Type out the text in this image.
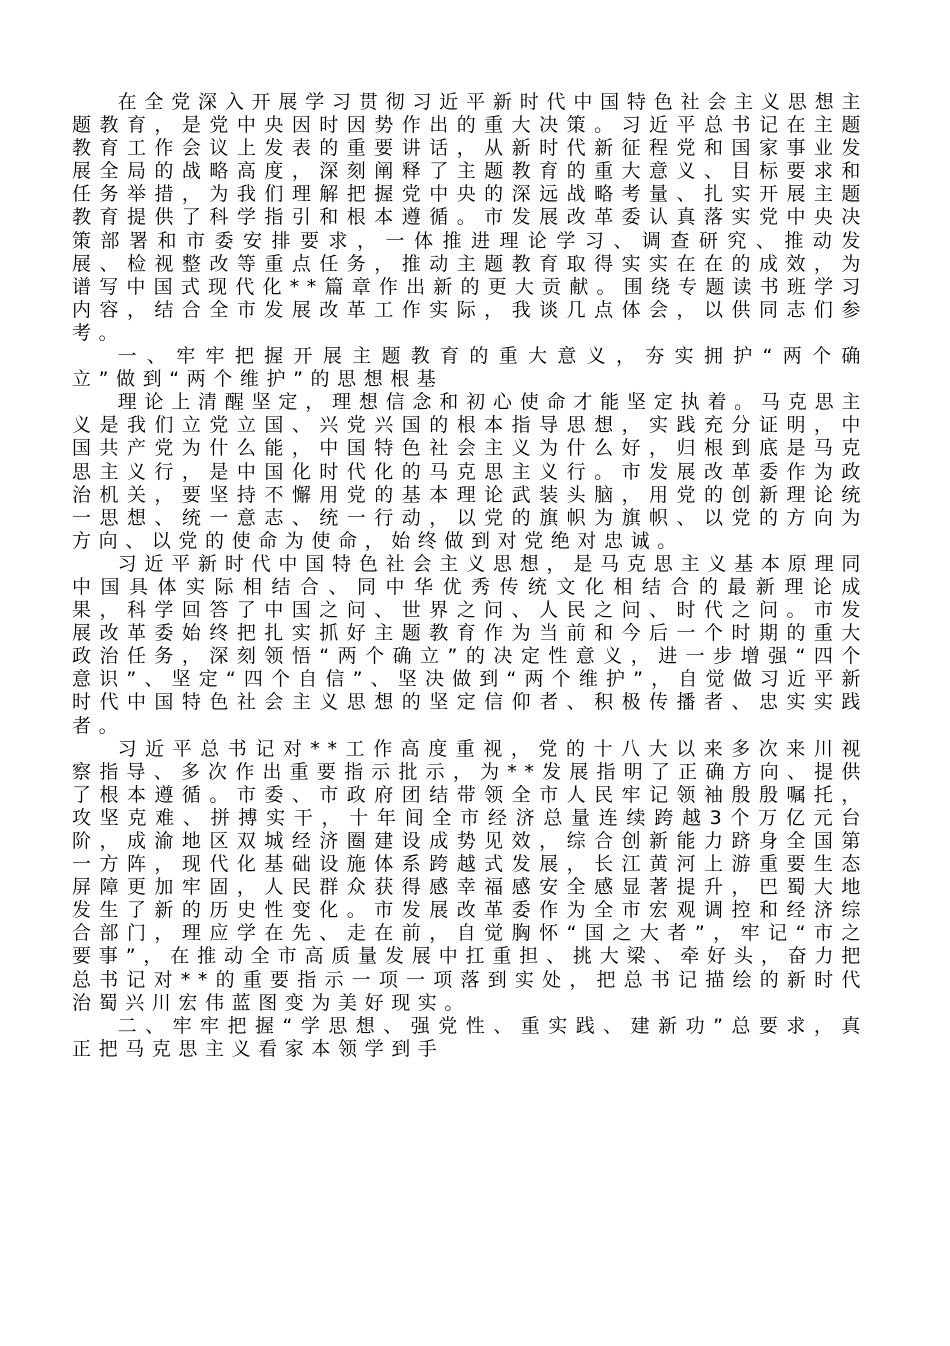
在全党深入开展学习贯彻习近平新时代中国特色社会主义思想主题教育，是党中央因时因势作出的重大决策。习近平总书记在主题教育工作会议上发表的重要讲话，从新时代新征程党和国家事业发展全局的战略高度，深刻阐释了主题教育的重大意义、目标要求和任务举措，为我们理解把握党中央的深远战略考量、扎实开展主题教育提供了科学指引和根本遵循。市发展改革委认真落实党中央决策部署和市委安排要求，一体推进理论学习、调查研究、推动发展、检视整改等重点任务，推动主题教育取得实实在在的成效，为谱写中国式现代化**篇章作出新的更大贡献。围绕专题读书班学习内容，结合全市发展改革工作实际，我谈几点体会，以供同志们参考。

一、牢牢把握开展主题教育的重大意义，夯实拥护“两个确立”做到“两个维护”的思想根基

理论上清醒坚定，理想信念和初心使命才能坚定执着。马克思主义是我们立党立国、兴党兴国的根本指导思想，实践充分证明，中国共产党为什么能，中国特色社会主义为什么好，归根到底是马克思主义行，是中国化时代化的马克思主义行。市发展改革委作为政治机关，要坚持不懈用党的基本理论武装头脑，用党的创新理论统一思想、统一意志、统一行动，以党的旗帜为旗帜、以党的方向为方向、以党的使命为使命，始终做到对党绝对忠诚。

习近平新时代中国特色社会主义思想，是马克思主义基本原理同中国具体实际相结合、同中华优秀传统文化相结合的最新理论成果，科学回答了中国之问、世界之问、人民之问、时代之问。市发展改革委始终把扎实抓好主题教育作为当前和今后一个时期的重大政治任务，深刻领悟“两个确立”的决定性意义，进一步增强“四个意识”、坚定“四个自信”、坚决做到“两个维护”，自觉做习近平新时代中国特色社会主义思想的坚定信仰者、积极传播者、忠实实践者。

习近平总书记对**工作高度重视，党的十八大以来多次来川视察指导、多次作出重要指示批示，为**发展指明了正确方向、提供了根本遵循。市委、市政府团结带领全市人民牢记领袖殷殷嘱托，攻坚克难、拼搏实干，十年间全市经济总量连续跨越3个万亿元台阶，成渝地区双城经济圈建设成势见效，综合创新能力跻身全国第一方阵，现代化基础设施体系跨越式发展，长江黄河上游重要生态屏障更加牢固，人民群众获得感幸福感安全感显著提升，巴蜀大地发生了新的历史性变化。市发展改革委作为全市宏观调控和经济综合部门，理应学在先、走在前，自觉胸怀“国之大者”，牢记“市之要事”，在推动全市高质量发展中扛重担、挑大梁、牵好头，奋力把总书记对**的重要指示一项一项落到实处，把总书记描绘的新时代治蜀兴川宏伟蓝图变为美好现实。

二、牢牢把握“学思想、强党性、重实践、建新功”总要求，真正把马克思主义看家本领学到手
